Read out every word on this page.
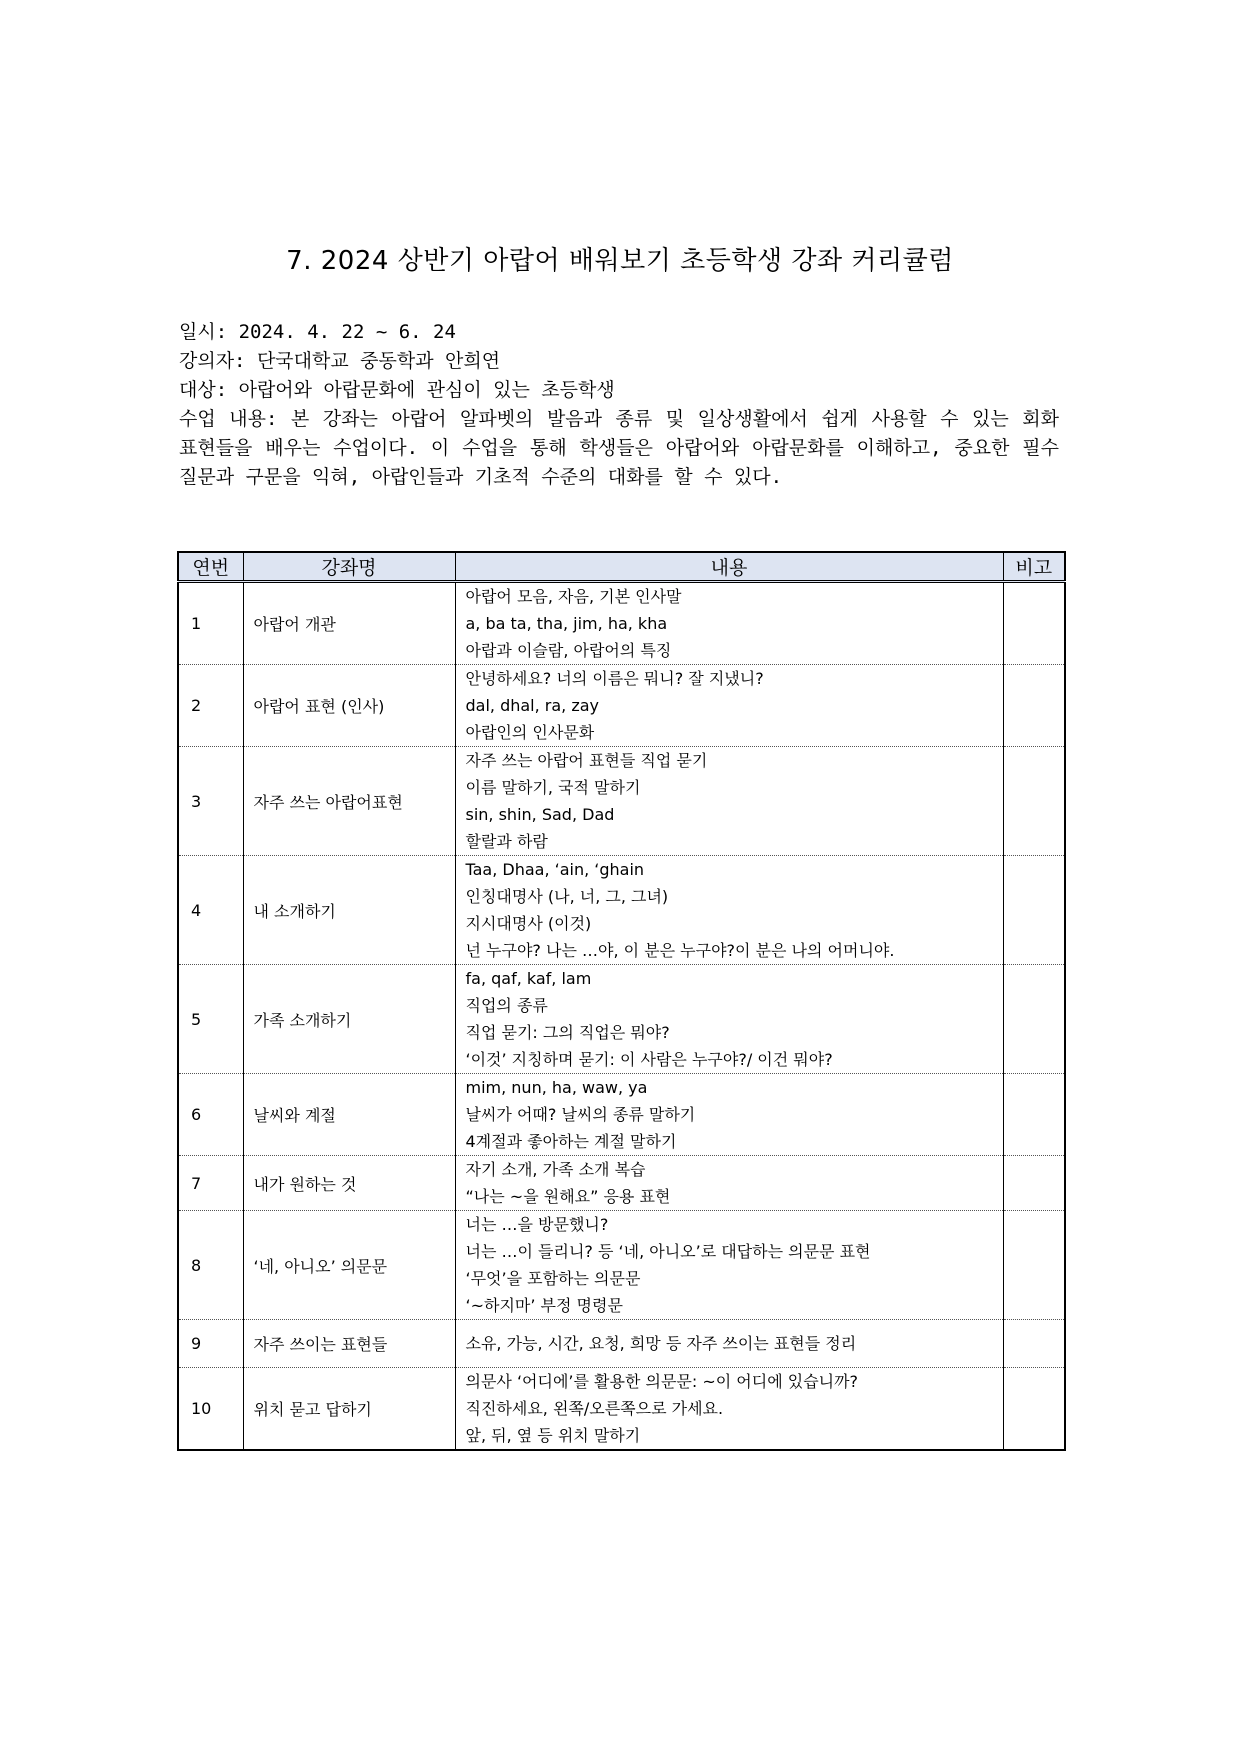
7. 2024 상반기 아랍어 배워보기 초등학생 강좌 커리큘럼

일시: 2024. 4. 22 ~ 6. 24

강의자: 단국대학교 중동학과 안희연

대상: 아랍어와 아랍문화에 관심이 있는 초등학생

수업 내용: 본 강좌는 아랍어 알파벳의 발음과 종류 및 일상생활에서 쉽게 사용할 수 있는 회화 표현들을 배우는 수업이다. 이 수업을 통해 학생들은 아랍어와 아랍문화를 이해하고, 중요한 필수 질문과 구문을 익혀, 아랍인들과 기초적 수준의 대화를 할 수 있다.

연번	강좌명	내용	비고
1	아랍어 개관	아랍어 모음, 자음, 기본 인사말
a, ba ta, tha, jim, ha, kha
아랍과 이슬람, 아랍어의 특징	

2	아랍어 표현 (인사)	안녕하세요? 너의 이름은 뭐니? 잘 지냈니?
dal, dhal, ra, zay
아랍인의 인사문화	

3	자주 쓰는 아랍어표현	자주 쓰는 아랍어 표현들 직업 묻기
이름 말하기, 국적 말하기
sin, shin, Sad, Dad
할랄과 하람	

4	내 소개하기	Taa, Dhaa, ‘ain, ‘ghain
인칭대명사 (나, 너, 그, 그녀)
지시대명사 (이것)
넌 누구야? 나는 …야, 이 분은 누구야?이 분은 나의 어머니야.	

5	가족 소개하기	fa, qaf, kaf, lam
직업의 종류
직업 묻기: 그의 직업은 뭐야?
‘이것’ 지칭하며 묻기: 이 사람은 누구야?/ 이건 뭐야?	

6	날씨와 계절	mim, nun, ha, waw, ya
날씨가 어때? 날씨의 종류 말하기
4계절과 좋아하는 계절 말하기	

7	내가 원하는 것	자기 소개, 가족 소개 복습
“나는 ~을 원해요” 응용 표현	

8	‘네, 아니오’ 의문문	너는 …을 방문했니?
너는 …이 들리니? 등 ‘네, 아니오’로 대답하는 의문문 표현
‘무엇’을 포함하는 의문문
‘~하지마’ 부정 명령문	

9	자주 쓰이는 표현들	소유, 가능, 시간, 요청, 희망 등 자주 쓰이는 표현들 정리	

10	위치 묻고 답하기	의문사 ‘어디에’를 활용한 의문문: ~이 어디에 있습니까?
직진하세요, 왼쪽/오른쪽으로 가세요.
앞, 뒤, 옆 등 위치 말하기	
